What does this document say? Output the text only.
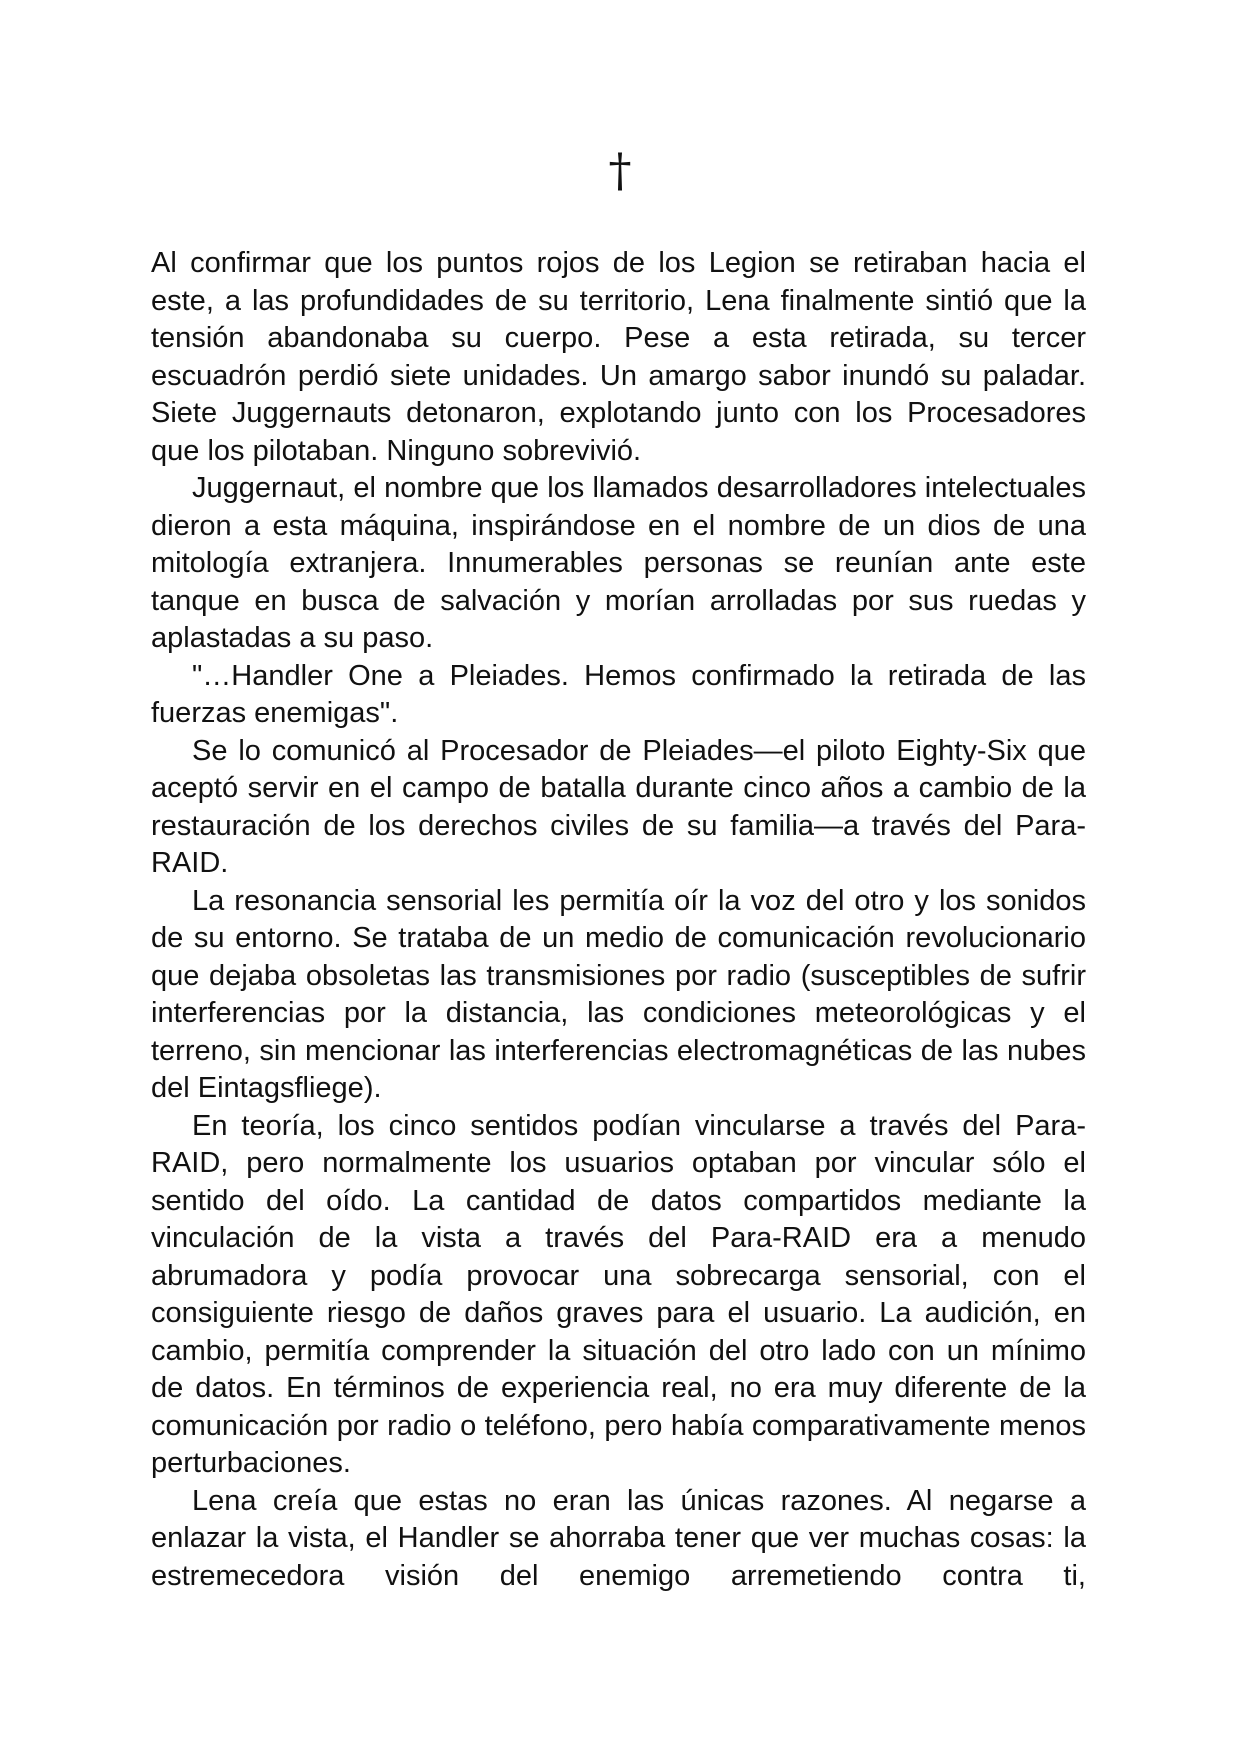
†

Al confirmar que los puntos rojos de los Legion se retiraban hacia el este, a las profundidades de su territorio, Lena finalmente sintió que la tensión abandonaba su cuerpo. Pese a esta retirada, su tercer escuadrón perdió siete unidades. Un amargo sabor inundó su paladar. Siete Juggernauts detonaron, explotando junto con los Procesadores que los pilotaban. Ninguno sobrevivió.

Juggernaut, el nombre que los llamados desarrolladores intelectuales dieron a esta máquina, inspirándose en el nombre de un dios de una mitología extranjera. Innumerables personas se reunían ante este tanque en busca de salvación y morían arrolladas por sus ruedas y aplastadas a su paso.

"…Handler One a Pleiades. Hemos confirmado la retirada de las fuerzas enemigas".

Se lo comunicó al Procesador de Pleiades—el piloto Eighty-Six que aceptó servir en el campo de batalla durante cinco años a cambio de la restauración de los derechos civiles de su familia—a través del Para-RAID.

La resonancia sensorial les permitía oír la voz del otro y los sonidos de su entorno. Se trataba de un medio de comunicación revolucionario que dejaba obsoletas las transmisiones por radio (susceptibles de sufrir interferencias por la distancia, las condiciones meteorológicas y el terreno, sin mencionar las interferencias electromagnéticas de las nubes del Eintagsfliege).

En teoría, los cinco sentidos podían vincularse a través del Para-RAID, pero normalmente los usuarios optaban por vincular sólo el sentido del oído. La cantidad de datos compartidos mediante la vinculación de la vista a través del Para-RAID era a menudo abrumadora y podía provocar una sobrecarga sensorial, con el consiguiente riesgo de daños graves para el usuario. La audición, en cambio, permitía comprender la situación del otro lado con un mínimo de datos. En términos de experiencia real, no era muy diferente de la comunicación por radio o teléfono, pero había comparativamente menos perturbaciones.

Lena creía que estas no eran las únicas razones. Al negarse a enlazar la vista, el Handler se ahorraba tener que ver muchas cosas: la estremecedora visión del enemigo arremetiendo contra ti,
